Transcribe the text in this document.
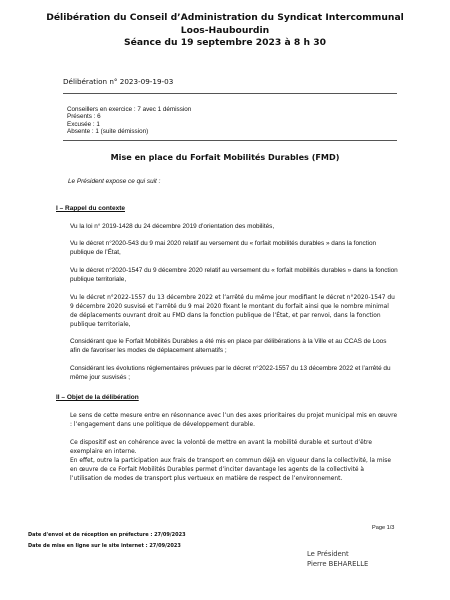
Délibération du Conseil d’Administration du Syndicat Intercommunal
Loos-Haubourdin
Séance du 19 septembre 2023 à 8 h 30
Délibération n° 2023-09-19-03
Conseillers en exercice : 7 avec 1 démission
Présents : 6
Excusée : 1
Absente : 1 (suite démission)
Mise en place du Forfait Mobilités Durables (FMD)
Le Président expose ce qui suit :
I – Rappel du contexte
Vu la loi n° 2019-1428 du 24 décembre 2019 d’orientation des mobilités,
Vu le décret n°2020-543 du 9 mai 2020 relatif au versement du « forfait mobilités durables » dans la fonction publique de l’État,
Vu le décret n°2020-1547 du 9 décembre 2020 relatif au versement du « forfait mobilités durables » dans la fonction publique territoriale,
Vu le décret n°2022-1557 du 13 décembre 2022 et l’arrêté du même jour modifiant le décret n°2020-1547 du 9 décembre 2020 susvisé et l’arrêté du 9 mai 2020 fixant le montant du forfait ainsi que le nombre minimal de déplacements ouvrant droit au FMD dans la fonction publique de l’État, et par renvoi, dans la fonction publique territoriale,
Considérant que le Forfait Mobilités Durables a été mis en place par délibérations à la Ville et au CCAS de Loos afin de favoriser les modes de déplacement alternatifs ;
Considérant les évolutions réglementaires prévues par le décret n°2022-1557 du 13 décembre 2022 et l’arrêté du même jour susvisés ;
II – Objet de la délibération
Le sens de cette mesure entre en résonnance avec l’un des axes prioritaires du projet municipal mis en œuvre : l’engagement dans une politique de développement durable.
Ce dispositif est en cohérence avec la volonté de mettre en avant la mobilité durable et surtout d’être exemplaire en interne.
En effet, outre la participation aux frais de transport en commun déjà en vigueur dans la collectivité, la mise en œuvre de ce Forfait Mobilités Durables permet d’inciter davantage les agents de la collectivité à l’utilisation de modes de transport plus vertueux en matière de respect de l’environnement.
Page 1/3
Date d'envoi et de réception en préfecture : 27/09/2023
Date de mise en ligne sur le site internet : 27/09/2023
Le Président
Pierre BEHARELLE
